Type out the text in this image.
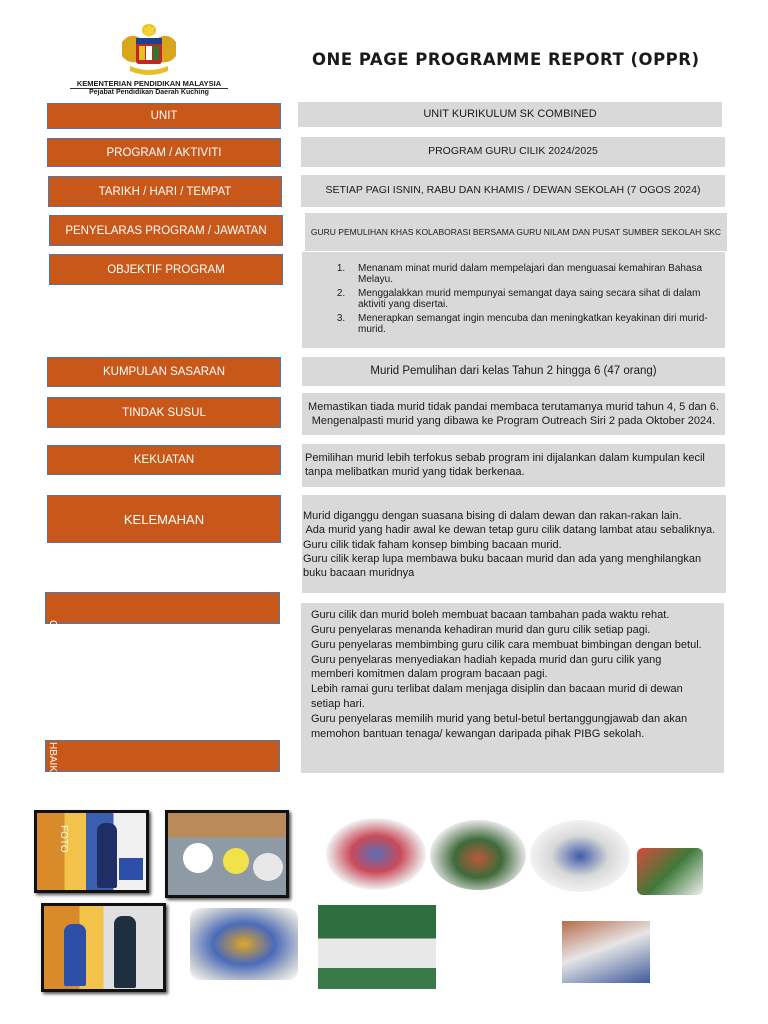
KEMENTERIAN PENDIDIKAN MALAYSIA
Pejabat Pendidikan Daerah Kuching
ONE PAGE PROGRAMME REPORT (OPPR)
UNIT	UNIT KURIKULUM SK COMBINED
PROGRAM / AKTIVITI	PROGRAM GURU CILIK 2024/2025
TARIKH / HARI / TEMPAT	SETIAP PAGI ISNIN, RABU DAN KHAMIS / DEWAN SEKOLAH (7 OGOS 2024)
PENYELARAS PROGRAM / JAWATAN	GURU PEMULIHAN KHAS KOLABORASI BERSAMA GURU NILAM DAN PUSAT SUMBER SEKOLAH SKC
OBJEKTIF PROGRAM
1.	Menanam minat murid dalam mempelajari dan menguasai kemahiran Bahasa Melayu.
2. Menggalakkan murid mempunyai semangat daya saing secara sihat di dalam aktiviti yang disertai.
3. Menerapkan semangat ingin mencuba dan meningkatkan keyakinan diri murid-murid.
KUMPULAN SASARAN	Murid Pemulihan dari kelas Tahun 2 hingga 6 (47 orang)
TINDAK SUSUL	Memastikan tiada murid tidak pandai membaca terutamanya murid tahun 4, 5 dan 6.
Mengenalpasti murid yang dibawa ke Program Outreach Siri 2 pada Oktober 2024.
KEKUATAN	Pemilihan murid lebih terfokus sebab program ini dijalankan dalam kumpulan kecil tanpa melibatkan murid yang tidak berkenaa.
KELEMAHAN	Murid diganggu dengan suasana bising di dalam dewan dan rakan-rakan lain.
Ada murid yang hadir awal ke dewan tetap guru cilik datang lambat atau sebaliknya.
Guru cilik tidak faham konsep bimbing bacaan murid.
Guru cilik kerap lupa membawa buku bacaan murid dan ada yang menghilangkan buku bacaan muridnya
C
HBAIKA
Guru cilik dan murid boleh membuat bacaan tambahan pada waktu rehat.
Guru penyelaras menanda kehadiran murid dan guru cilik setiap pagi.
Guru penyelaras membimbing guru cilik cara membuat bimbingan dengan betul.
Guru penyelaras menyediakan hadiah kepada murid dan guru cilik yang memberi komitmen dalam program bacaan pagi.
Lebih ramai guru terlibat dalam menjaga disiplin dan bacaan murid di dewan setiap hari.
Guru penyelaras memilih murid yang betul-betul bertanggungjawab dan akan memohon bantuan tenaga/ kewangan daripada pihak PIBG sekolah.
FOTO
